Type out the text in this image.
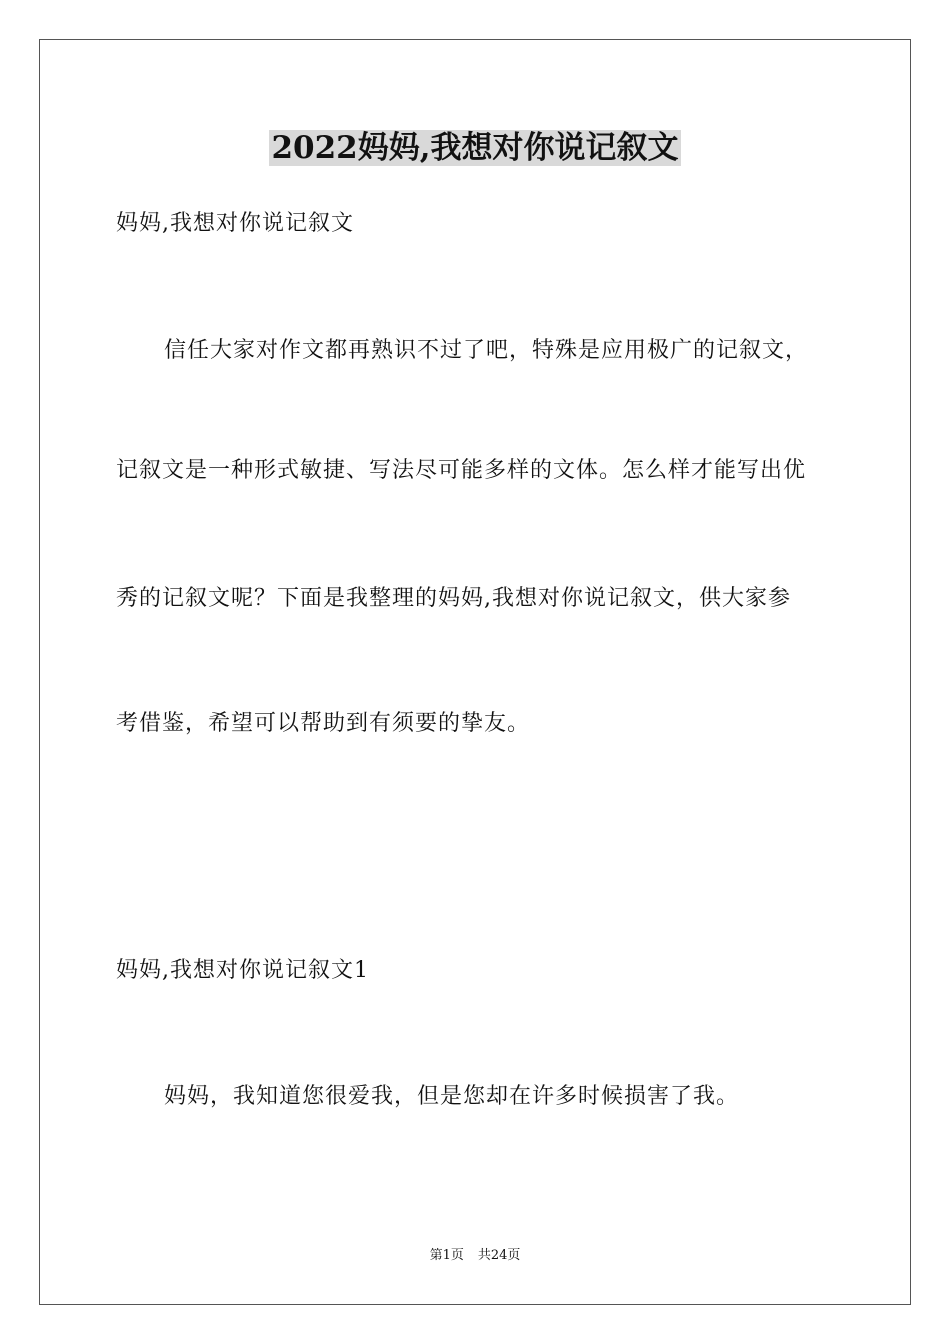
2022妈妈,我想对你说记叙文
妈妈,我想对你说记叙文
信任大家对作文都再熟识不过了吧，特殊是应用极广的记叙文，
记叙文是一种形式敏捷、写法尽可能多样的文体。怎么样才能写出优
秀的记叙文呢？下面是我整理的妈妈,我想对你说记叙文，供大家参
考借鉴，希望可以帮助到有须要的挚友。
妈妈,我想对你说记叙文1
妈妈，我知道您很爱我，但是您却在许多时候损害了我。
第1页 共24页
